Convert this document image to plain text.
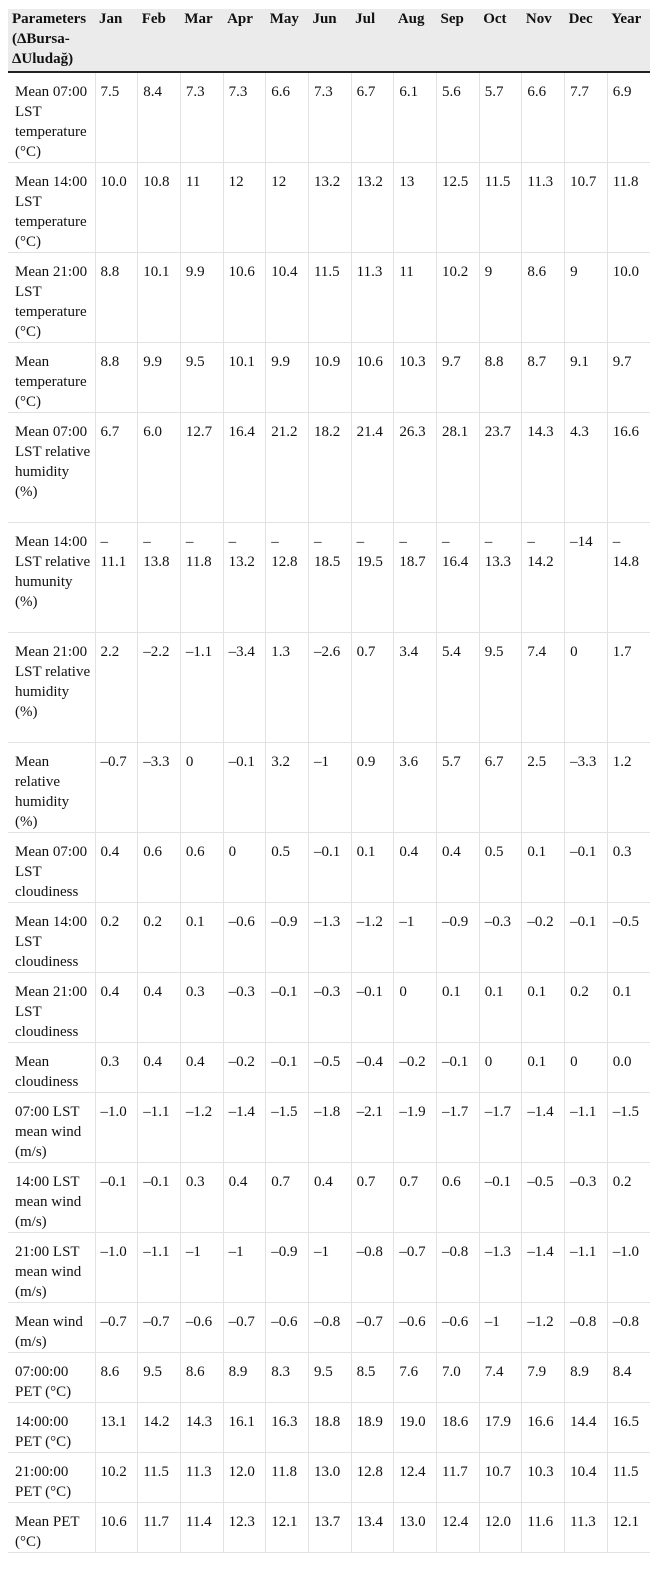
Parameters (ΔBursa-ΔUludağ)	Jan	Feb	Mar	Apr	May	Jun	Jul	Aug	Sep	Oct	Nov	Dec	Year
Mean 07:00 LST temperature (°C)	7.5	8.4	7.3	7.3	6.6	7.3	6.7	6.1	5.6	5.7	6.6	7.7	6.9
Mean 14:00 LST temperature (°C)	10.0	10.8	11	12	12	13.2	13.2	13	12.5	11.5	11.3	10.7	11.8
Mean 21:00 LST temperature (°C)	8.8	10.1	9.9	10.6	10.4	11.5	11.3	11	10.2	9	8.6	9	10.0
Mean temperature (°C)	8.8	9.9	9.5	10.1	9.9	10.9	10.6	10.3	9.7	8.8	8.7	9.1	9.7
Mean 07:00 LST relative humidity (%)	6.7	6.0	12.7	16.4	21.2	18.2	21.4	26.3	28.1	23.7	14.3	4.3	16.6
Mean 14:00 LST relative humunity (%)	– 11.1	– 13.8	– 11.8	– 13.2	– 12.8	– 18.5	– 19.5	– 18.7	– 16.4	– 13.3	– 14.2	–14	– 14.8
Mean 21:00 LST relative humidity (%)	2.2	–2.2	–1.1	–3.4	1.3	–2.6	0.7	3.4	5.4	9.5	7.4	0	1.7
Mean relative humidity (%)	–0.7	–3.3	0	–0.1	3.2	–1	0.9	3.6	5.7	6.7	2.5	–3.3	1.2
Mean 07:00 LST cloudiness	0.4	0.6	0.6	0	0.5	–0.1	0.1	0.4	0.4	0.5	0.1	–0.1	0.3
Mean 14:00 LST cloudiness	0.2	0.2	0.1	–0.6	–0.9	–1.3	–1.2	–1	–0.9	–0.3	–0.2	–0.1	–0.5
Mean 21:00 LST cloudiness	0.4	0.4	0.3	–0.3	–0.1	–0.3	–0.1	0	0.1	0.1	0.1	0.2	0.1
Mean cloudiness	0.3	0.4	0.4	–0.2	–0.1	–0.5	–0.4	–0.2	–0.1	0	0.1	0	0.0
07:00 LST mean wind (m/s)	–1.0	–1.1	–1.2	–1.4	–1.5	–1.8	–2.1	–1.9	–1.7	–1.7	–1.4	–1.1	–1.5
14:00 LST mean wind (m/s)	–0.1	–0.1	0.3	0.4	0.7	0.4	0.7	0.7	0.6	–0.1	–0.5	–0.3	0.2
21:00 LST mean wind (m/s)	–1.0	–1.1	–1	–1	–0.9	–1	–0.8	–0.7	–0.8	–1.3	–1.4	–1.1	–1.0
Mean wind (m/s)	–0.7	–0.7	–0.6	–0.7	–0.6	–0.8	–0.7	–0.6	–0.6	–1	–1.2	–0.8	–0.8
07:00:00 PET (°C)	8.6	9.5	8.6	8.9	8.3	9.5	8.5	7.6	7.0	7.4	7.9	8.9	8.4
14:00:00 PET (°C)	13.1	14.2	14.3	16.1	16.3	18.8	18.9	19.0	18.6	17.9	16.6	14.4	16.5
21:00:00 PET (°C)	10.2	11.5	11.3	12.0	11.8	13.0	12.8	12.4	11.7	10.7	10.3	10.4	11.5
Mean PET (°C)	10.6	11.7	11.4	12.3	12.1	13.7	13.4	13.0	12.4	12.0	11.6	11.3	12.1
